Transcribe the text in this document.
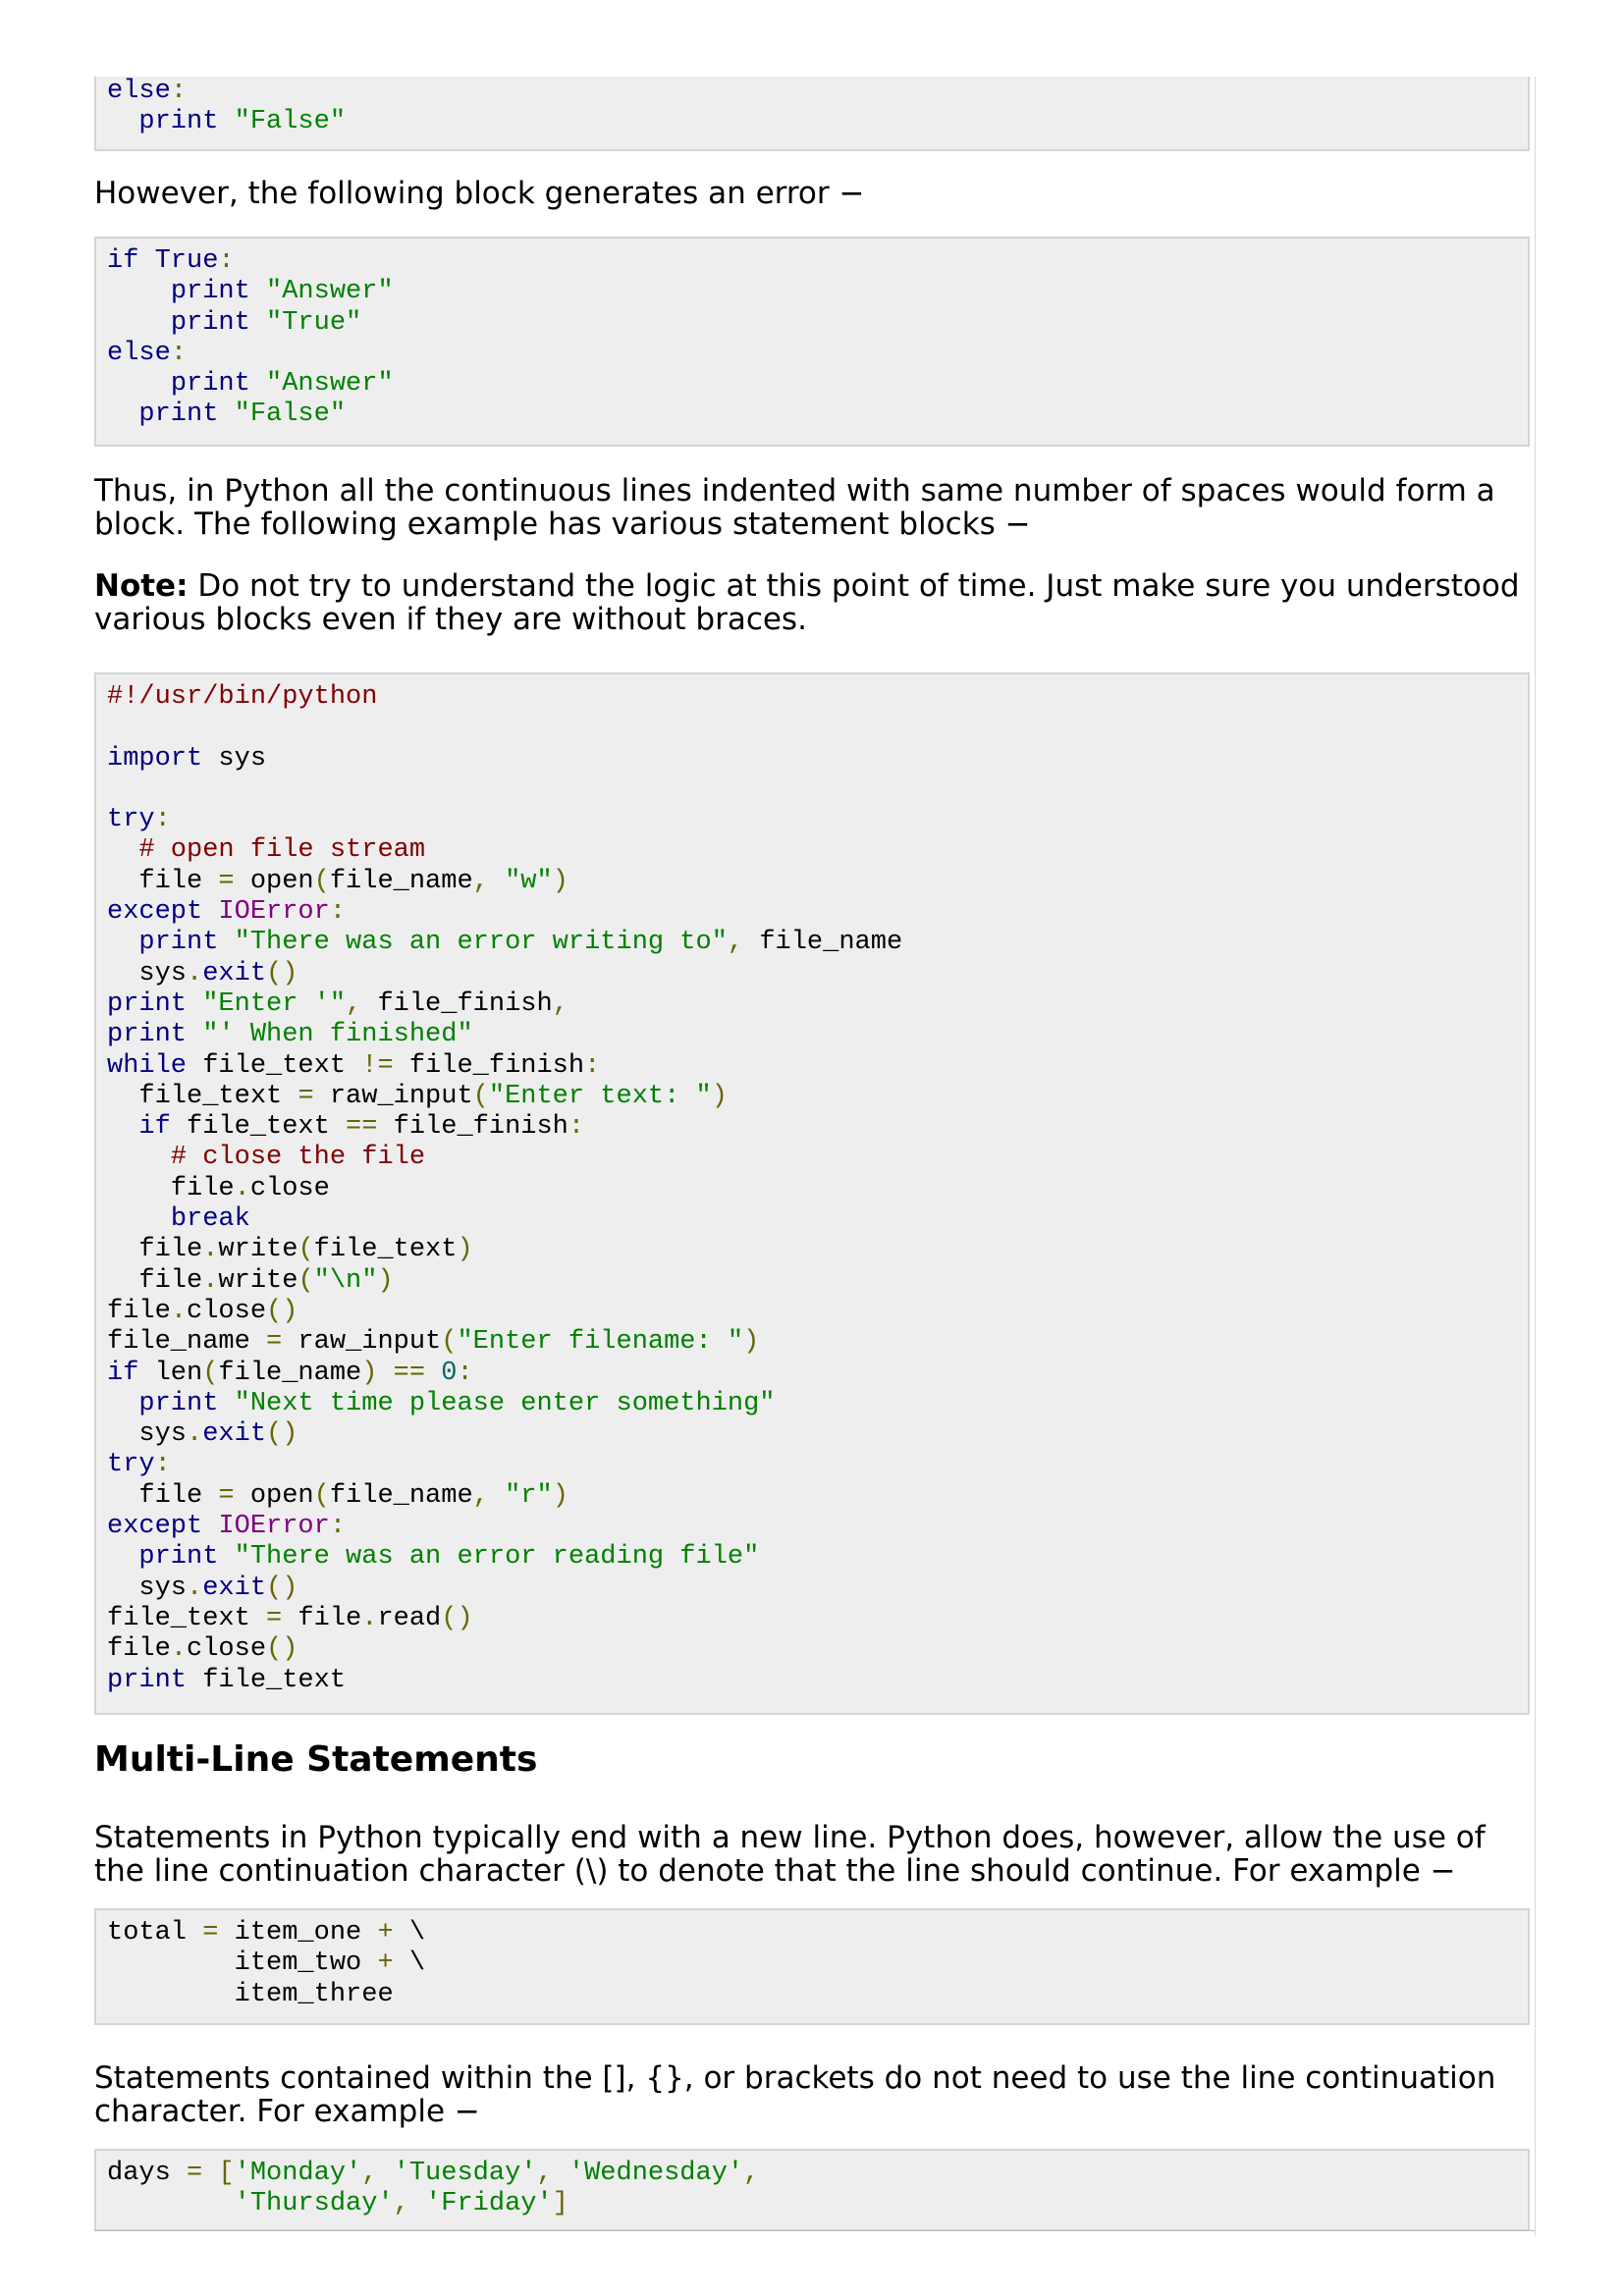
else:
print "False"
However, the following block generates an error −
if True:
print "Answer"
print "True"
else:
print "Answer"
print "False"
Thus, in Python all the continuous lines indented with same number of spaces would form a block. The following example has various statement blocks −
Note: Do not try to understand the logic at this point of time. Just make sure you understood various blocks even if they are without braces.
#!/usr/bin/python
import sys
try:
# open file stream
file = open(file_name, "w")
except IOError:
print "There was an error writing to", file_name
sys.exit()
print "Enter '", file_finish,
print "' When finished"
while file_text != file_finish:
file_text = raw_input("Enter text: ")
if file_text == file_finish:
# close the file
file.close
break
file.write(file_text)
file.write("\n")
file.close()
file_name = raw_input("Enter filename: ")
if len(file_name) == 0:
print "Next time please enter something"
sys.exit()
try:
file = open(file_name, "r")
except IOError:
print "There was an error reading file"
sys.exit()
file_text = file.read()
file.close()
print file_text
Multi-Line Statements
Statements in Python typically end with a new line. Python does, however, allow the use of the line continuation character (\) to denote that the line should continue. For example −
total = item_one + \
item_two + \
item_three
Statements contained within the [], {}, or brackets do not need to use the line continuation character. For example −
days = ['Monday', 'Tuesday', 'Wednesday',
'Thursday', 'Friday']
